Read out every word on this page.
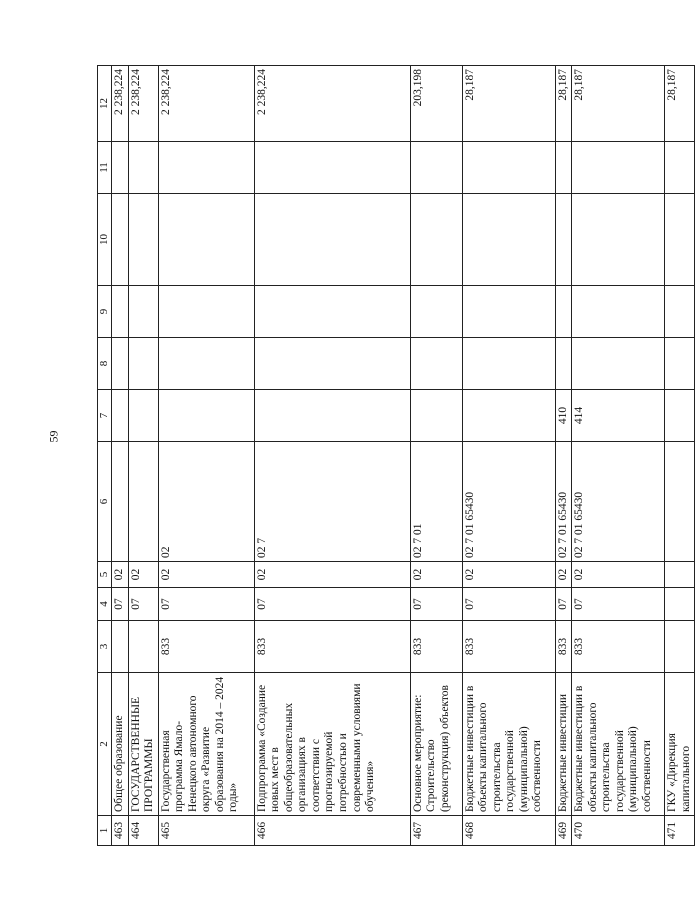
59
1	2	3	4	5	6	7	8	9	10	11	12
463	Общее образование		07	02							2 238,224
464	ГОСУДАРСТВЕННЫЕ ПРОГРАММЫ		07	02							2 238,224
465	Государственная программа Ямало-Ненецкого автономного округа «Развитие образования на 2014 – 2024 годы»	833	07	02	02						2 238,224
466	Подпрограмма «Создание новых мест в общеобразовательных организациях в соответствии с прогнозируемой потребностью и современными условиями обучения»	833	07	02	02 7						2 238,224
467	Основное мероприятие: Строительство (реконструкция) объектов	833	07	02	02 7 01						203,198
468	Бюджетные инвестиции в объекты капитального строительства государственной (муниципальной) собственности	833	07	02	02 7 01 65430						28,187
469	Бюджетные инвестиции	833	07	02	02 7 01 65430	410					28,187
470	Бюджетные инвестиции в объекты капитального строительства государственной (муниципальной) собственности	833	07	02	02 7 01 65430	414					28,187
471	ГКУ «Дирекция капитального										28,187
